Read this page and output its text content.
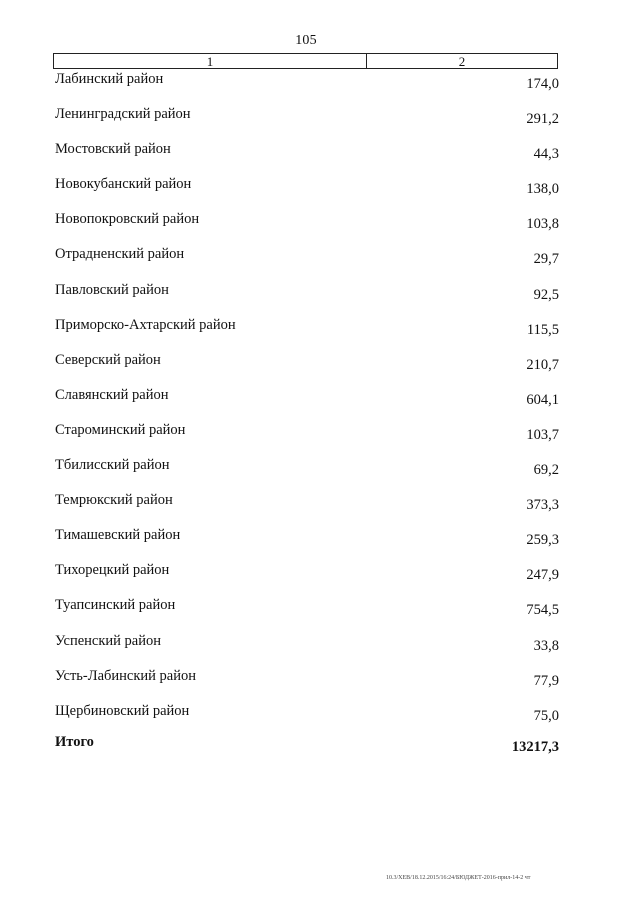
105
1	2
Лабинский район	174,0
Ленинградский район	291,2
Мостовский район	44,3
Новокубанский район	138,0
Новопокровский район	103,8
Отрадненский район	29,7
Павловский район	92,5
Приморско-Ахтарский район	115,5
Северский район	210,7
Славянский район	604,1
Староминский район	103,7
Тбилисский район	69,2
Темрюкский район	373,3
Тимашевский район	259,3
Тихорецкий район	247,9
Туапсинский район	754,5
Успенский район	33,8
Усть-Лабинский район	77,9
Щербиновский район	75,0
Итого	13217,3
10.3/ХЕВ/18.12.2015/16:24/БЮДЖЕТ-2016-прил-14-2 чт
